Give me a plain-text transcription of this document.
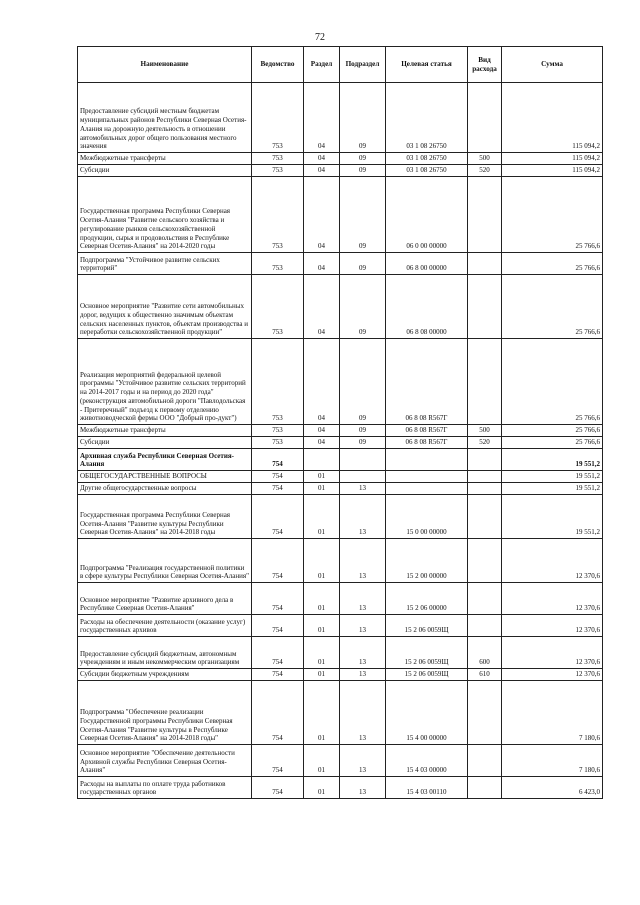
72
Наименование	Ведомство	Раздел	Подраздел	Целевая статья	Вид расхода	Сумма
Предоставление субсидий местным бюджетам муниципальных районов Республики Северная Осетия-Алания на дорожную деятельность в отношении автомобильных дорог общего пользования местного значения	753	04	09	03 1 08 26750		115 094,2
Межбюджетные трансферты	753	04	09	03 1 08 26750	500	115 094,2
Субсидии	753	04	09	03 1 08 26750	520	115 094,2
Государственная программа Республики Северная Осетия-Алания "Развитие сельского хозяйства и регулирование рынков сельскохозяйственной продукции, сырья и продовольствия в Республике Северная Осетия-Алания" на 2014-2020 годы	753	04	09	06 0 00 00000		25 766,6
Подпрограмма "Устойчивое развитие сельских территорий"	753	04	09	06 8 00 00000		25 766,6
Основное мероприятие "Развитие сети автомобильных дорог, ведущих к общественно значимым объектам сельских населенных пунктов, объектам производства и переработки сельскохозяйственной продукции"	753	04	09	06 8 08 00000		25 766,6
Реализация мероприятий федеральной целевой программы "Устойчивое развитие сельских территорий на 2014-2017 годы и на период до 2020 года" (реконструкция автомобильной дороги "Павлодольская - Притеречный" подъезд к первому отделению животноводческой фермы ООО "Добрый про-дукт")	753	04	09	06 8 08 R567Г		25 766,6
Межбюджетные трансферты	753	04	09	06 8 08 R567Г	500	25 766,6
Субсидии	753	04	09	06 8 08 R567Г	520	25 766,6
Архивная служба Республики Северная Осетия-Алания	754					19 551,2
ОБЩЕГОСУДАРСТВЕННЫЕ ВОПРОСЫ	754	01				19 551,2
Другие общегосударственные вопросы	754	01	13			19 551,2
Государственная программа Республики Северная Осетия-Алания "Развитие культуры Республики Северная Осетия-Алания" на 2014-2018 годы	754	01	13	15 0 00 00000		19 551,2
Подпрограмма "Реализация государственной политики в сфере культуры Республики Северная Осетия-Алания"	754	01	13	15 2 00 00000		12 370,6
Основное мероприятие "Развитие архивного дела в Республике Северная Осетия-Алания"	754	01	13	15 2 06 00000		12 370,6
Расходы на обеспечение деятельности (оказание услуг) государственных архивов	754	01	13	15 2 06 0059Щ		12 370,6
Предоставление субсидий бюджетным, автономным учреждениям и иным некоммерческим организациям	754	01	13	15 2 06 0059Щ	600	12 370,6
Субсидии бюджетным учреждениям	754	01	13	15 2 06 0059Щ	610	12 370,6
Подпрограмма "Обеспечение реализации Государственной программы Республики Северная Осетия-Алания "Развитие культуры в Республике Северная Осетия-Алания" на 2014-2018 годы"	754	01	13	15 4 00 00000		7 180,6
Основное мероприятие "Обеспечение деятельности Архивной службы Республики Северная Осетия-Алания"	754	01	13	15 4 03 00000		7 180,6
Расходы на выплаты по оплате труда работников государственных органов	754	01	13	15 4 03 00110		6 423,0
